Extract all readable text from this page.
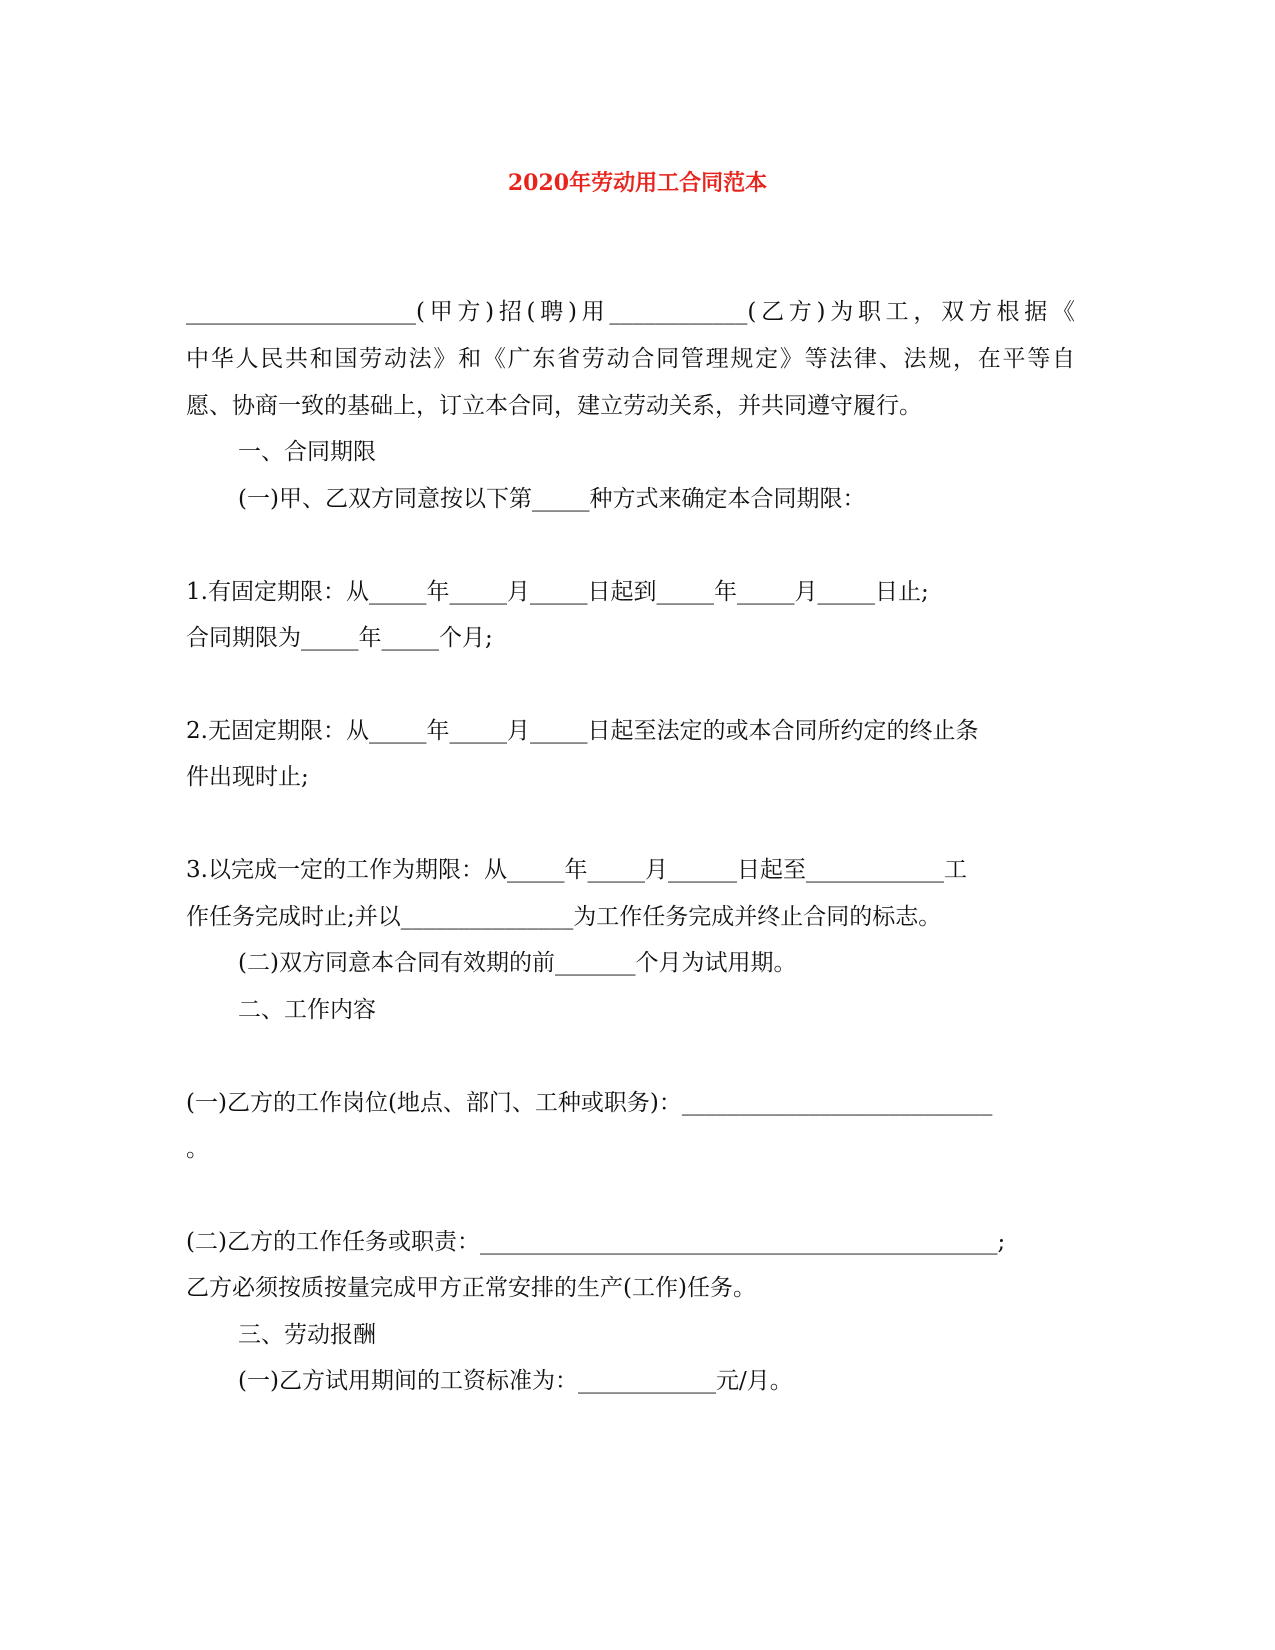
2020年劳动用工合同范本
____________________(甲方)招(聘)用____________(乙方)为职工，双方根据《
中华人民共和国劳动法》和《广东省劳动合同管理规定》等法律、法规，在平等自
愿、协商一致的基础上，订立本合同，建立劳动关系，并共同遵守履行。
一、合同期限
(一)甲、乙双方同意按以下第_____种方式来确定本合同期限：
1.有固定期限：从_____年_____月_____日起到_____年_____月_____日止;
合同期限为_____年_____个月;
2.无固定期限：从_____年_____月_____日起至法定的或本合同所约定的终止条
件出现时止;
3.以完成一定的工作为期限：从_____年_____月______日起至____________工
作任务完成时止;并以_______________为工作任务完成并终止合同的标志。
(二)双方同意本合同有效期的前_______个月为试用期。
二、工作内容
(一)乙方的工作岗位(地点、部门、工种或职务)：___________________________
。
(二)乙方的工作任务或职责：_____________________________________________;
乙方必须按质按量完成甲方正常安排的生产(工作)任务。
三、劳动报酬
(一)乙方试用期间的工资标准为：____________元/月。
